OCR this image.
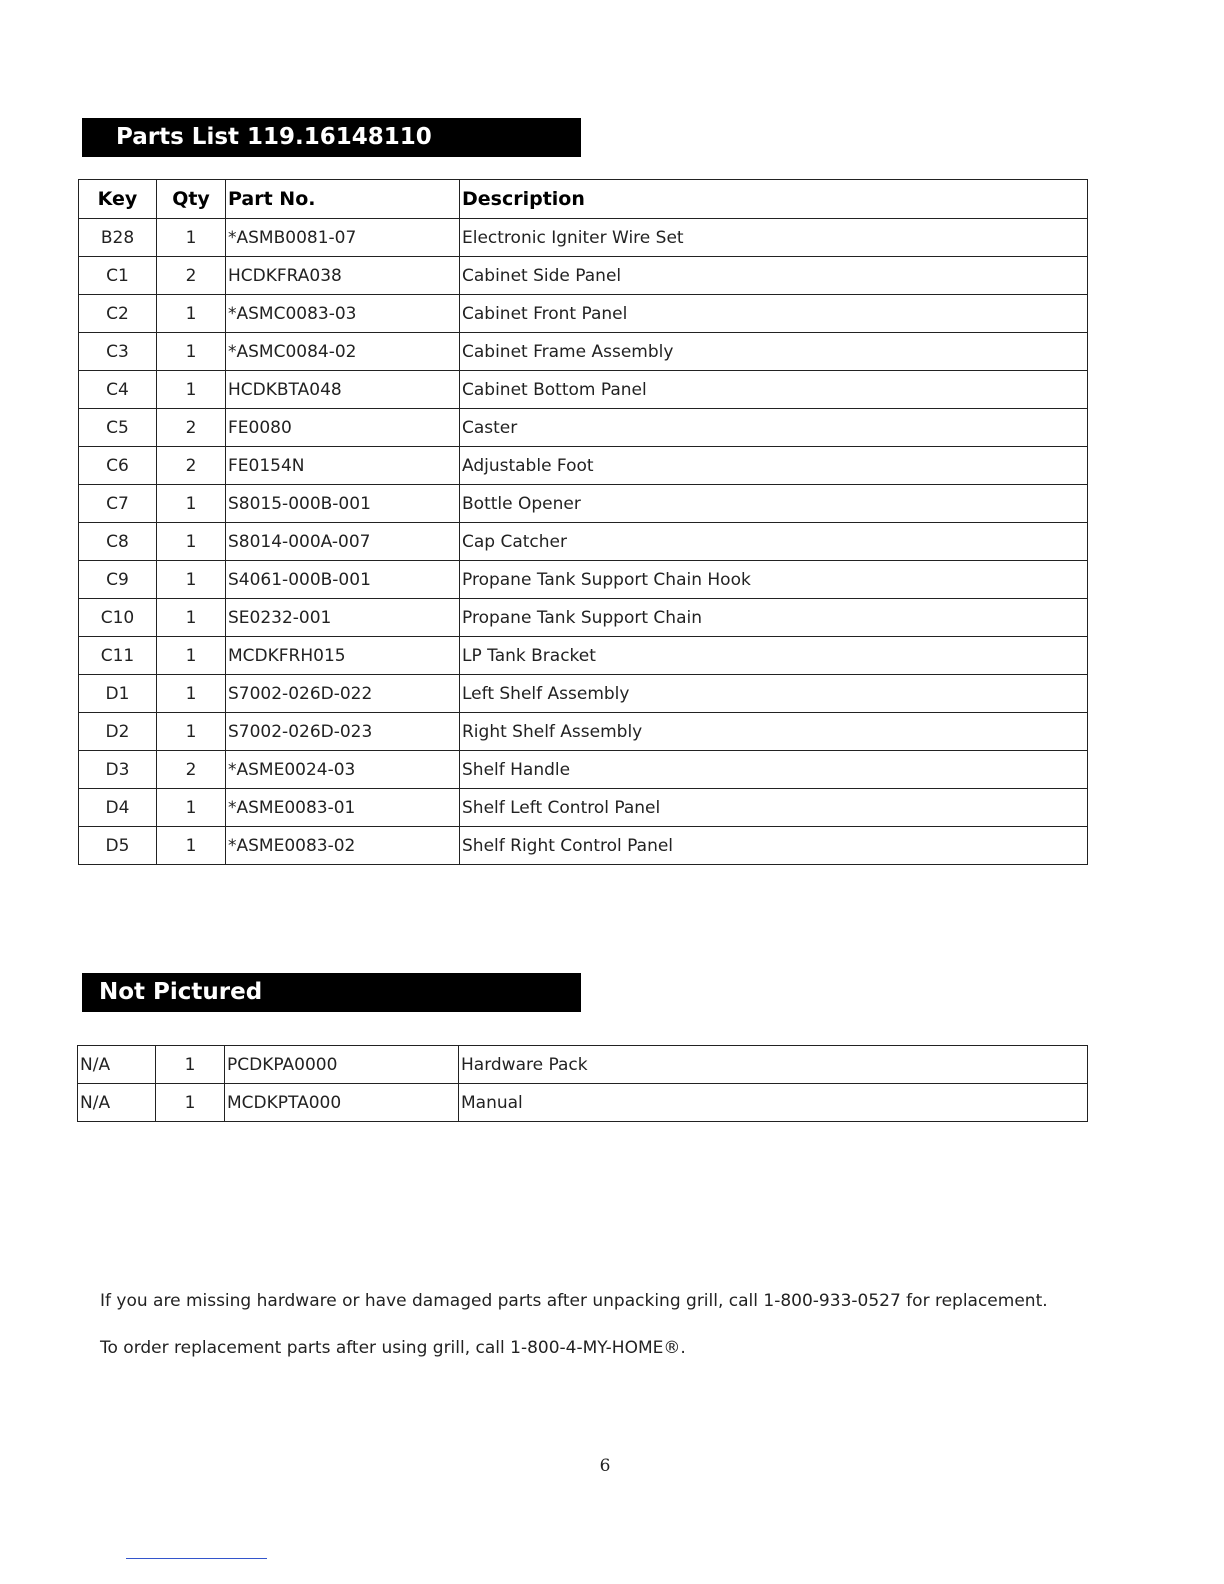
Parts List 119.16148110
Key	Qty	Part No.	Description
B28	1	*ASMB0081-07	Electronic Igniter Wire Set
C1	2	HCDKFRA038	Cabinet Side Panel
C2	1	*ASMC0083-03	Cabinet Front Panel
C3	1	*ASMC0084-02	Cabinet Frame Assembly
C4	1	HCDKBTA048	Cabinet Bottom Panel
C5	2	FE0080	Caster
C6	2	FE0154N	Adjustable Foot
C7	1	S8015-000B-001	Bottle Opener
C8	1	S8014-000A-007	Cap Catcher
C9	1	S4061-000B-001	Propane Tank Support Chain Hook
C10	1	SE0232-001	Propane Tank Support Chain
C11	1	MCDKFRH015	LP Tank Bracket
D1	1	S7002-026D-022	Left Shelf Assembly
D2	1	S7002-026D-023	Right Shelf Assembly
D3	2	*ASME0024-03	Shelf Handle
D4	1	*ASME0083-01	Shelf Left Control Panel
D5	1	*ASME0083-02	Shelf Right Control Panel
Not Pictured
N/A	1	PCDKPA0000	Hardware Pack
N/A	1	MCDKPTA000	Manual
If you are missing hardware or have damaged parts after unpacking grill, call 1-800-933-0527 for replacement.
To order replacement parts after using grill, call 1-800-4-MY-HOME®.
6
